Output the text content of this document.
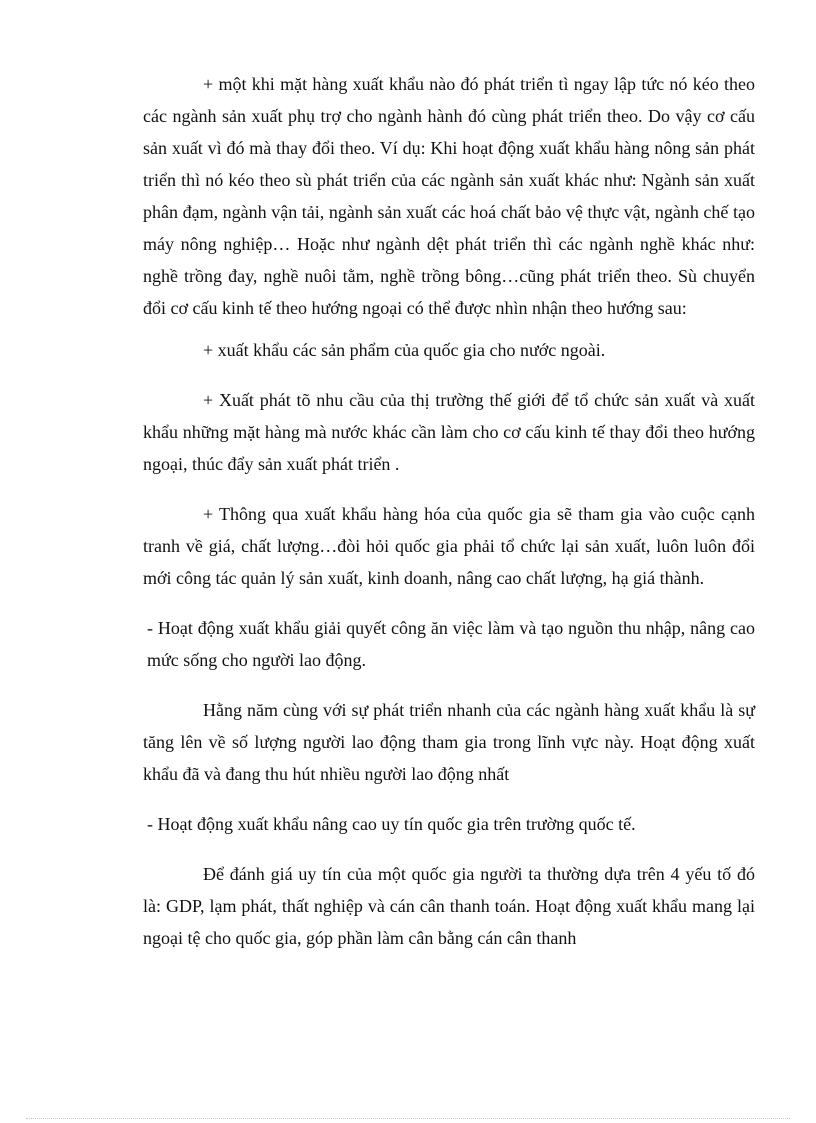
+ một khi mặt hàng xuất khẩu nào đó phát triển tì ngay lập tức nó kéo theo các ngành sản xuất phụ trợ cho ngành hành đó cùng phát triển theo. Do vậy cơ cấu sản xuất vì đó mà thay đổi theo. Ví dụ: Khi hoạt động xuất khẩu hàng nông sản phát triển thì nó kéo theo sù phát triển của các ngành sản xuất khác như: Ngành sản xuất phân đạm, ngành vận tải, ngành sản xuất các hoá chất bảo vệ thực vật, ngành chế tạo máy nông nghiệp… Hoặc như ngành dệt phát triển thì các ngành nghề khác như: nghề trồng đay, nghề nuôi tằm, nghề trồng bông…cũng phát triển theo. Sù chuyển đổi cơ cấu kinh tế theo hướng ngoại có thể được nhìn nhận theo hướng sau:

+ xuất khẩu các sản phẩm của quốc gia cho nước ngoài.

+ Xuất phát tõ nhu cầu của thị trường thế giới để tổ chức sản xuất và xuất khẩu những mặt hàng mà nước khác cần làm cho cơ cấu kinh tế thay đổi theo hướng ngoại, thúc đẩy sản xuất phát triển .

+ Thông qua xuất khẩu hàng hóa của quốc gia sẽ tham gia vào cuộc cạnh tranh về giá, chất lượng…đòi hỏi quốc gia phải tổ chức lại sản xuất, luôn luôn đổi mới công tác quản lý sản xuất, kinh doanh, nâng cao chất lượng, hạ giá thành.

- Hoạt động xuất khẩu giải quyết công ăn việc làm và tạo nguồn thu nhập, nâng cao mức sống cho người lao động.

Hằng năm cùng với sự phát triển nhanh của các ngành hàng xuất khẩu là sự tăng lên về số lượng người lao động tham gia trong lĩnh vực này. Hoạt động xuất khẩu đã và đang thu hút nhiều người lao động nhất

- Hoạt động xuất khẩu nâng cao uy tín quốc gia trên trường quốc tế.

Để đánh giá uy tín của một quốc gia người ta thường dựa trên 4 yếu tố đó là: GDP, lạm phát, thất nghiệp và cán cân thanh toán. Hoạt động xuất khẩu mang lại ngoại tệ cho quốc gia, góp phần làm cân bằng cán cân thanh
